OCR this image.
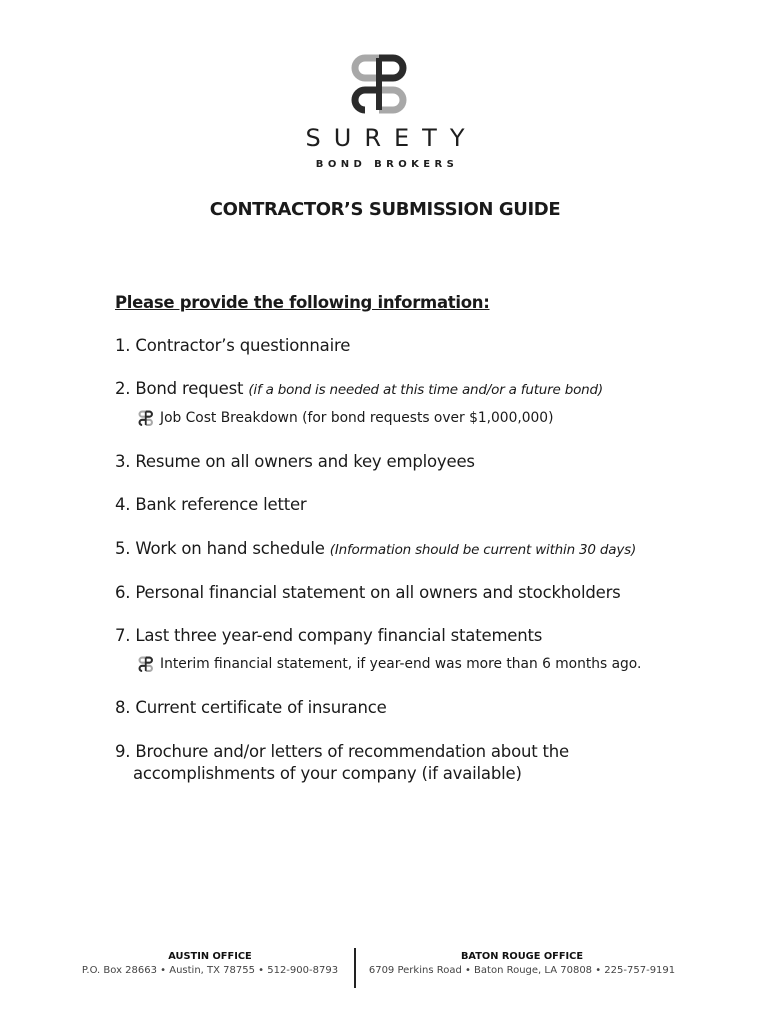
SURETY
BOND BROKERS
CONTRACTOR’S SUBMISSION GUIDE
Please provide the following information:
1. Contractor’s questionnaire
2. Bond request (if a bond is needed at this time and/or a future bond)
Job Cost Breakdown (for bond requests over $1,000,000)
3. Resume on all owners and key employees
4. Bank reference letter
5. Work on hand schedule (Information should be current within 30 days)
6. Personal financial statement on all owners and stockholders
7. Last three year-end company financial statements
Interim financial statement, if year-end was more than 6 months ago.
8. Current certificate of insurance
9. Brochure and/or letters of recommendation about the
accomplishments of your company (if available)
AUSTIN OFFICE
P.O. Box 28663 • Austin, TX 78755 • 512-900-8793
BATON ROUGE OFFICE
6709 Perkins Road • Baton Rouge, LA 70808 • 225-757-9191
